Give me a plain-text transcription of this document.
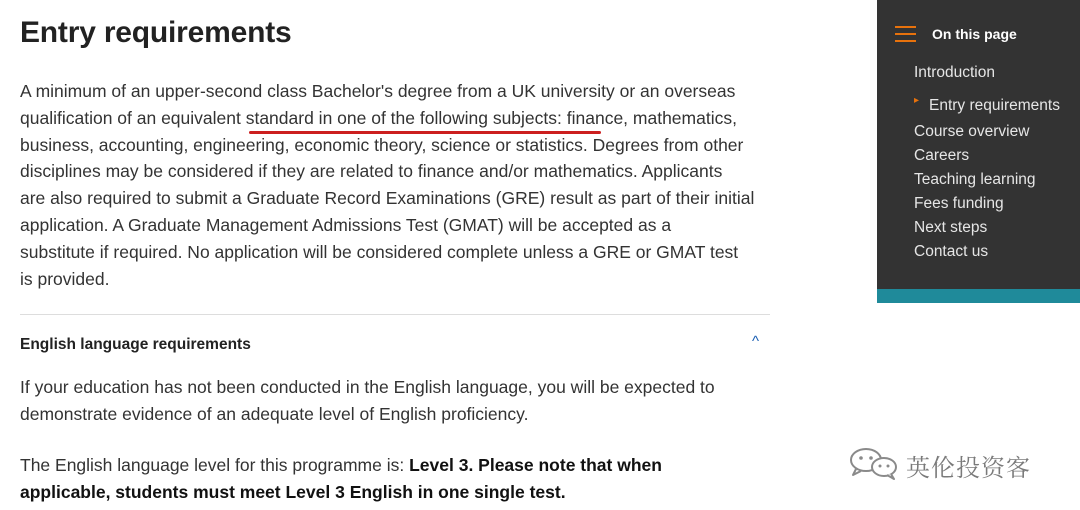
Entry requirements

A minimum of an upper-second class Bachelor's degree from a UK university or an overseas
qualification of an equivalent standard in one of the following subjects: finance, mathematics,
business, accounting, engineering, economic theory, science or statistics. Degrees from other
disciplines may be considered if they are related to finance and/or mathematics. Applicants
are also required to submit a Graduate Record Examinations (GRE) result as part of their initial
application. A Graduate Management Admissions Test (GMAT) will be accepted as a
substitute if required. No application will be considered complete unless a GRE or GMAT test
is provided.

English language requirements	^

If your education has not been conducted in the English language, you will be expected to
demonstrate evidence of an adequate level of English proficiency.

The English language level for this programme is: Level 3. Please note that when
applicable, students must meet Level 3 English in one single test.

On this page
Introduction
▸ Entry requirements
Course overview
Careers
Teaching learning
Fees funding
Next steps
Contact us
英伦投资客
